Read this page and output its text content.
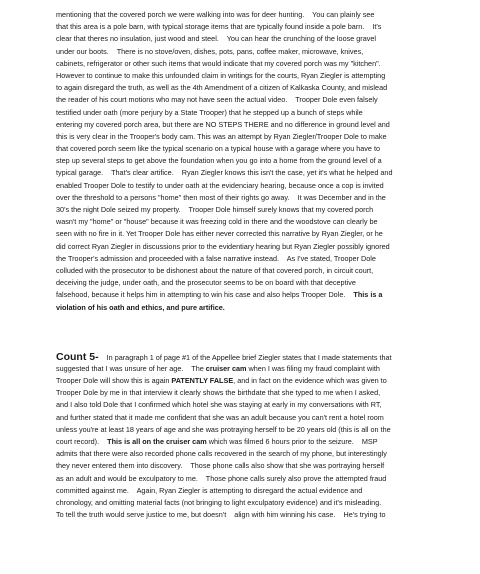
mentioning that the covered porch we were walking into was for deer hunting.    You can plainly see
that this area is a pole barn, with typical storage items that are typically found inside a pole barn.    It's
clear that theres no insulation, just wood and steel.    You can hear the crunching of the loose gravel
under our boots.    There is no stove/oven, dishes, pots, pans, coffee maker, microwave, knives,
cabinets, refrigerator or other such items that would indicate that my covered porch was my "kitchen".
However to continue to make this unfounded claim in writings for the courts, Ryan Ziegler is attempting
to again disregard the truth, as well as the 4th Amendment of a citizen of Kalkaska County, and mislead
the reader of his court motions who may not have seen the actual video.    Trooper Dole even falsely
testified under oath (more perjury by a State Trooper) that he stepped up a bunch of steps while
entering my covered porch area, but there are NO STEPS THERE and no difference in ground level and
this is very clear in the Trooper's body cam. This was an attempt by Ryan Ziegler/Trooper Dole to make
that covered porch seem like the typical scenario on a typical house with a garage where you have to
step up several steps to get above the foundation when you go into a home from the ground level of a
typical garage.    That's clear artifice.    Ryan Ziegler knows this isn't the case, yet it's what he helped and
enabled Trooper Dole to testify to under oath at the evidenciary hearing, because once a cop is invited
over the threshold to a persons "home" then most of their rights go away.    It was December and in the
30's the night Dole seized my property.    Trooper Dole himself surely knows that my covered porch
wasn't my "home" or "house" because it was freezing cold in there and the woodstove can clearly be
seen with no fire in it. Yet Trooper Dole has either never corrected this narrative by Ryan Ziegler, or he
did correct Ryan Ziegler in discussions prior to the evidentiary hearing but Ryan Ziegler possibly ignored
the Trooper's admission and proceeded with a false narrative instead.    As I've stated, Trooper Dole
colluded with the prosecutor to be dishonest about the nature of that covered porch, in circuit court,
deceiving the judge, under oath, and the prosecutor seems to be on board with that deceptive
falsehood, because it helps him in attempting to win his case and also helps Trooper Dole.    This is a
violation of his oath and ethics, and pure artifice.
Count 5-    In paragraph 1 of page #1 of the Appellee brief Ziegler states that I made statements that
suggested that I was unsure of her age.    The cruiser cam when I was filing my fraud complaint with
Trooper Dole will show this is again PATENTLY FALSE, and in fact on the evidence which was given to
Trooper Dole by me in that interview it clearly shows the birthdate that she typed to me when I asked,
and I also told Dole that I confirmed which hotel she was staying at early in my conversations with RT,
and further stated that it made me confident that she was an adult because you can't rent a hotel room
unless you're at least 18 years of age and she was protraying herself to be 20 years old (this is all on the
court record).    This is all on the cruiser cam which was filmed 6 hours prior to the seizure.    MSP
admits that there were also recorded phone calls recovered in the search of my phone, but interestingly
they never entered them into discovery.    Those phone calls also show that she was portraying herself
as an adult and would be exculpatory to me.    Those phone calls surely also prove the attempted fraud
committed against me.    Again, Ryan Ziegler is attempting to disregard the actual evidence and
chronology, and omitting material facts (not bringing to light exculpatory evidence) and it's misleading.
To tell the truth would serve justice to me, but doesn't    align with him winning his case.    He's trying to
